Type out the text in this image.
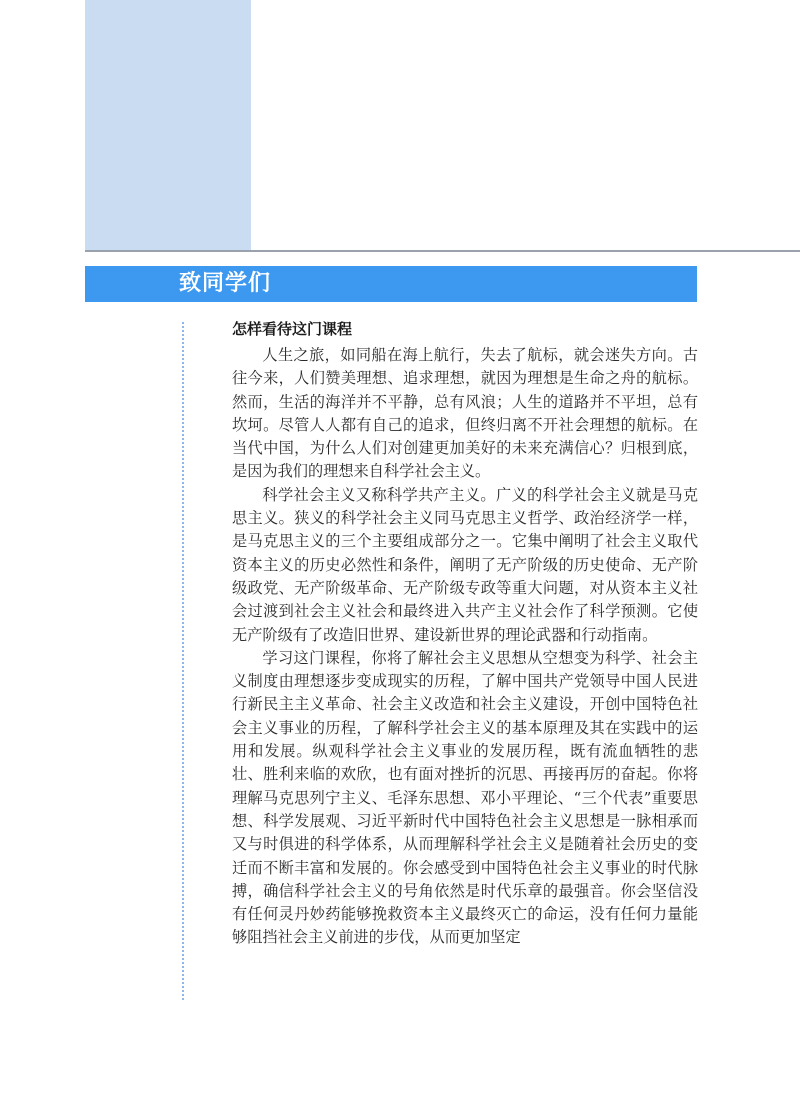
致同学们
怎样看待这门课程

人生之旅，如同船在海上航行，失去了航标，就会迷失方向。古往今来，人们赞美理想、追求理想，就因为理想是生命之舟的航标。然而，生活的海洋并不平静，总有风浪；人生的道路并不平坦，总有坎坷。尽管人人都有自己的追求，但终归离不开社会理想的航标。在当代中国，为什么人们对创建更加美好的未来充满信心？归根到底，是因为我们的理想来自科学社会主义。

科学社会主义又称科学共产主义。广义的科学社会主义就是马克思主义。狭义的科学社会主义同马克思主义哲学、政治经济学一样，是马克思主义的三个主要组成部分之一。它集中阐明了社会主义取代资本主义的历史必然性和条件，阐明了无产阶级的历史使命、无产阶级政党、无产阶级革命、无产阶级专政等重大问题，对从资本主义社会过渡到社会主义社会和最终进入共产主义社会作了科学预测。它使无产阶级有了改造旧世界、建设新世界的理论武器和行动指南。

学习这门课程，你将了解社会主义思想从空想变为科学、社会主义制度由理想逐步变成现实的历程，了解中国共产党领导中国人民进行新民主主义革命、社会主义改造和社会主义建设，开创中国特色社会主义事业的历程，了解科学社会主义的基本原理及其在实践中的运用和发展。纵观科学社会主义事业的发展历程，既有流血牺牲的悲壮、胜利来临的欢欣，也有面对挫折的沉思、再接再厉的奋起。你将理解马克思列宁主义、毛泽东思想、邓小平理论、“三个代表”重要思想、科学发展观、习近平新时代中国特色社会主义思想是一脉相承而又与时俱进的科学体系，从而理解科学社会主义是随着社会历史的变迁而不断丰富和发展的。你会感受到中国特色社会主义事业的时代脉搏，确信科学社会主义的号角依然是时代乐章的最强音。你会坚信没有任何灵丹妙药能够挽救资本主义最终灭亡的命运，没有任何力量能够阻挡社会主义前进的步伐，从而更加坚定
